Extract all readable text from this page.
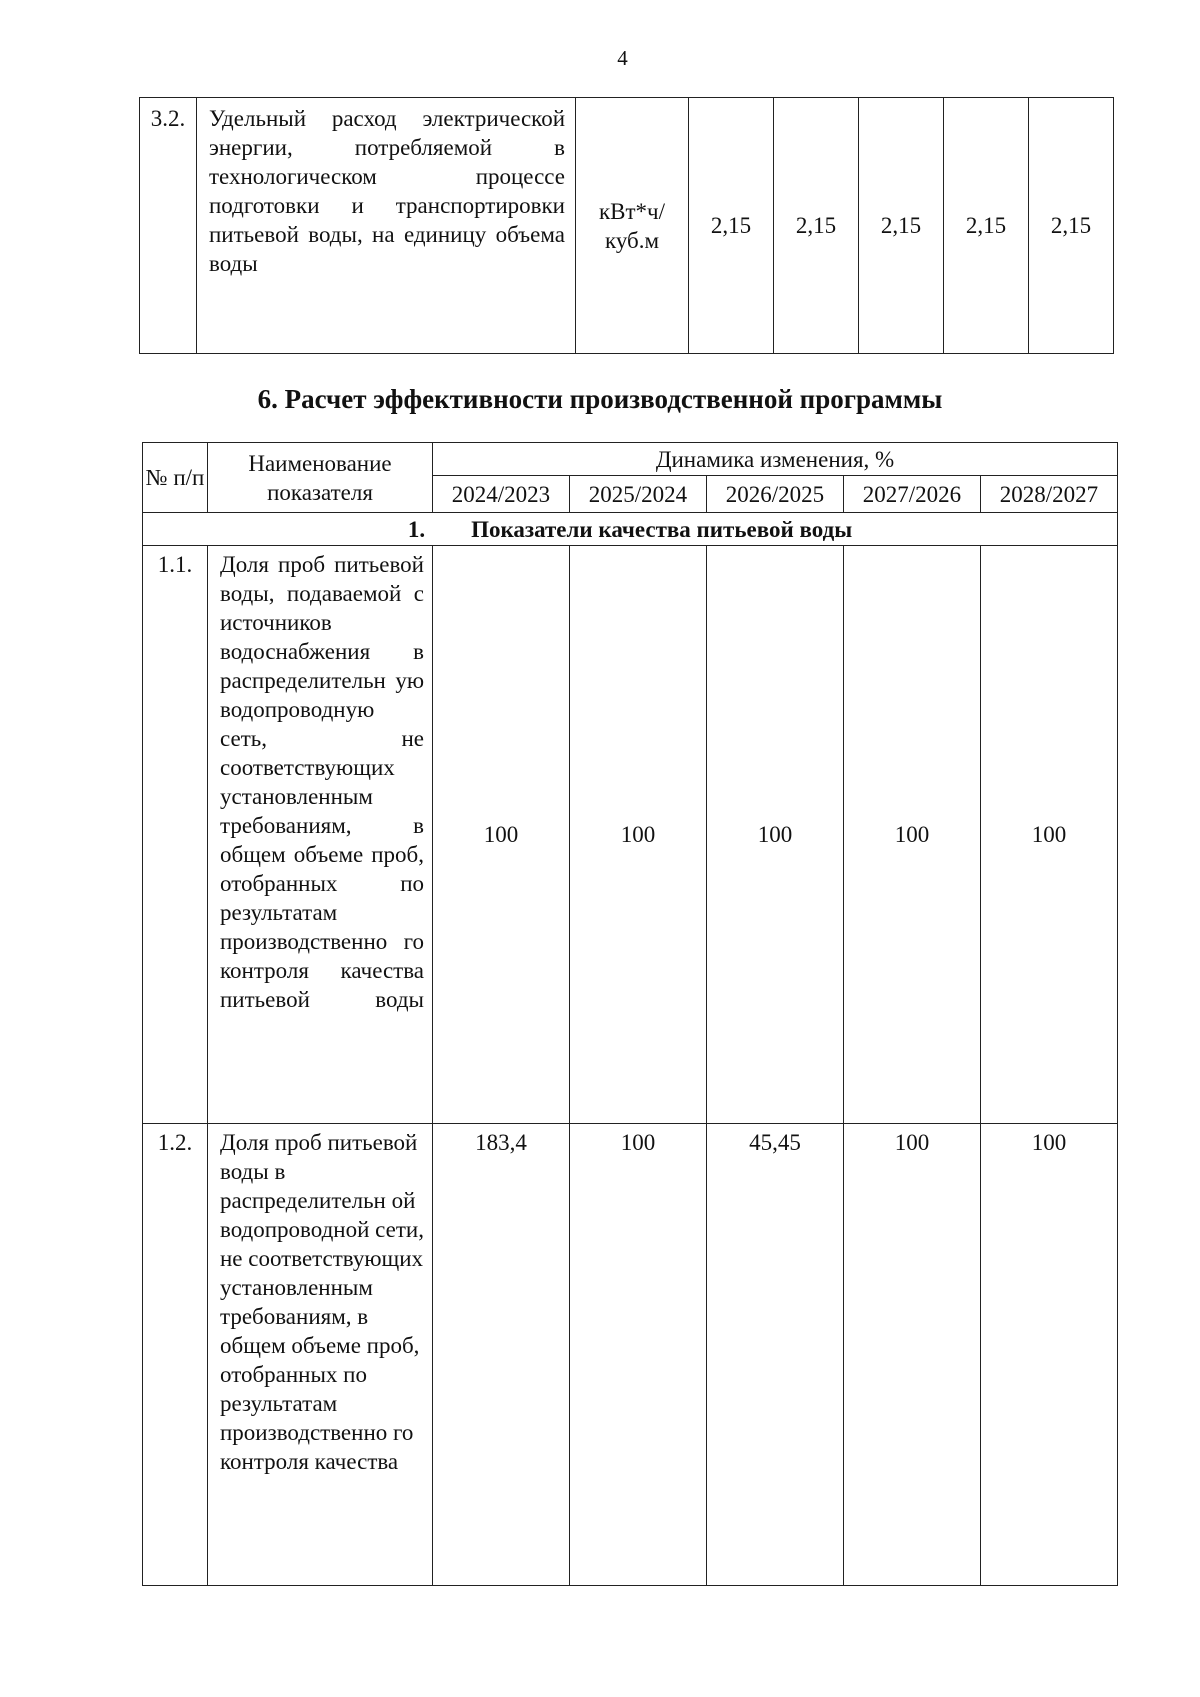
4
3.2.	Удельный расход электрической энергии, потребляемой в технологическом процессе подготовки и транспортировки питьевой воды, на единицу объема воды	кВт*ч/ куб.м	2,15	2,15	2,15	2,15	2,15
6. Расчет эффективности производственной программы
№ п/п	Наименование показателя	Динамика изменения, %				
		2024/2023	2025/2024	2026/2025	2027/2026	2028/2027
1.        Показатели качества питьевой воды						
1.1.	Доля проб питьевой воды, подаваемой с источников водоснабжения в распределительн ую водопроводную сеть, не соответствующих установленным требованиям, в общем объеме проб, отобранных по результатам производственно го контроля качества питьевой воды	100	100	100	100	100
1.2.	Доля проб питьевой воды в распределительн ой водопроводной сети, не соответствующих установленным требованиям, в общем объеме проб, отобранных по результатам производственно го контроля качества	183,4	100	45,45	100	100
